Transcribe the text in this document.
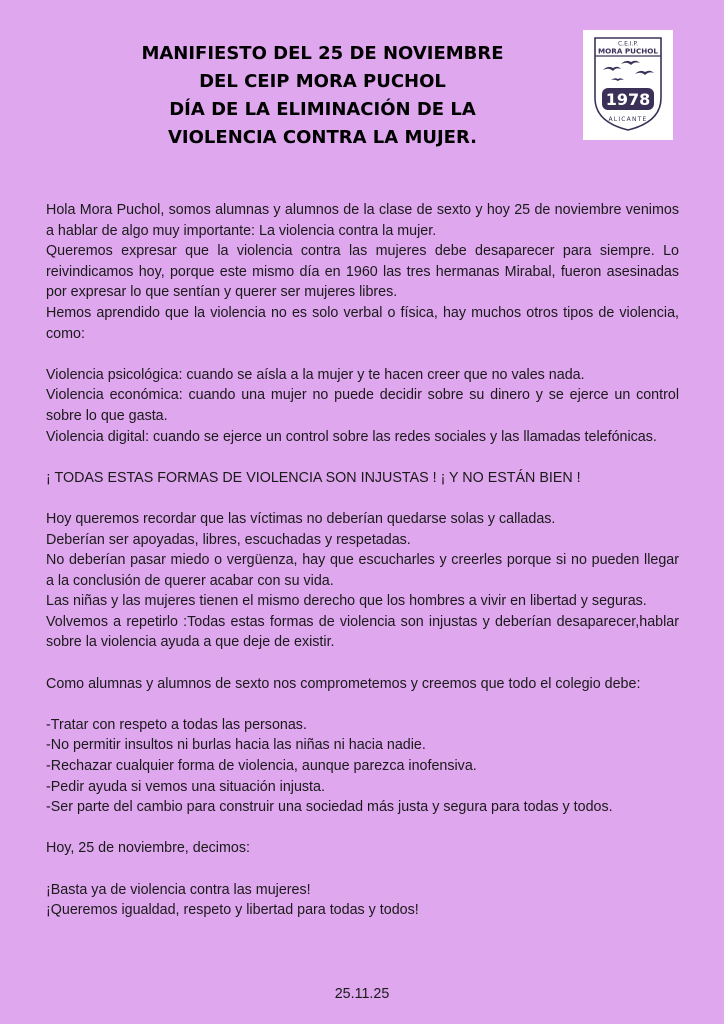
MANIFIESTO DEL 25 DE NOVIEMBRE
DEL CEIP MORA PUCHOL
DÍA DE LA ELIMINACIÓN DE LA
VIOLENCIA CONTRA LA MUJER.
C.E.I.P.
MORA PUCHOL
1978
ALICANTE

Hola Mora Puchol, somos alumnas y alumnos de la clase de sexto y hoy 25 de noviembre venimos a hablar de algo muy importante: La violencia contra la mujer.

Queremos expresar que la violencia contra las mujeres debe desaparecer para siempre. Lo reivindicamos hoy, porque este mismo día en 1960 las tres hermanas Mirabal, fueron asesinadas por expresar lo que sentían y querer ser mujeres libres.

Hemos aprendido que la violencia no es solo verbal o física, hay muchos otros tipos de violencia, como:

Violencia psicológica: cuando se aísla a la mujer y te hacen creer que no vales nada.

Violencia económica: cuando una mujer no puede decidir sobre su dinero y se ejerce un control sobre lo que gasta.

Violencia digital: cuando se ejerce un control sobre las redes sociales y las llamadas telefónicas.

¡ TODAS ESTAS FORMAS DE VIOLENCIA SON INJUSTAS ! ¡ Y NO ESTÁN BIEN !

Hoy queremos recordar que las víctimas no deberían quedarse solas y calladas.

Deberían ser apoyadas, libres, escuchadas y respetadas.

No deberían pasar miedo o vergüenza, hay que escucharles y creerles porque si no pueden llegar a la conclusión de querer acabar con su vida.

Las niñas y las mujeres tienen el mismo derecho que los hombres a vivir en libertad y seguras.

Volvemos a repetirlo :Todas estas formas de violencia son injustas y deberían desaparecer,hablar sobre la violencia ayuda a que deje de existir.

Como alumnas y alumnos de sexto nos comprometemos y creemos que todo el colegio debe:

-Tratar con respeto a todas las personas.

-No permitir insultos ni burlas hacia las niñas ni hacia nadie.

-Rechazar cualquier forma de violencia, aunque parezca inofensiva.

-Pedir ayuda si vemos una situación injusta.

-Ser parte del cambio para construir una sociedad más justa y segura para todas y todos.

Hoy, 25 de noviembre, decimos:

¡Basta ya de violencia contra las mujeres!

¡Queremos igualdad, respeto y libertad para todas y todos!

25.11.25
